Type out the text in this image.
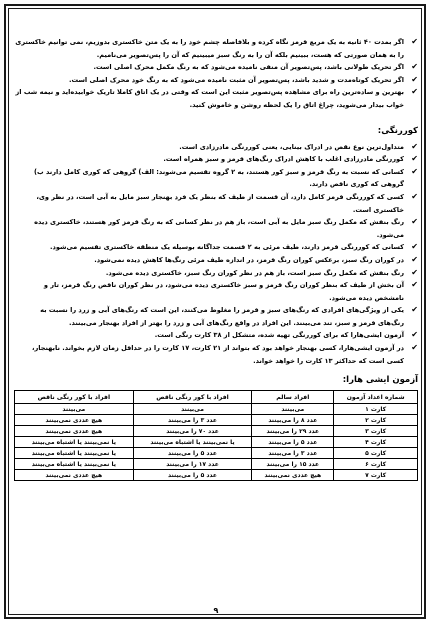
✔
اگر بمدت ۴۰ ثانیه به یک مربع قرمز نگاه کرده و بلافاصله چشم خود را به یک متن خاکستری بدوزیم، نمی توانیم خاکستری را به همان صورتی که هست، ببینیم بلکه آن را به رنگ سبز میبینیم که آن را پس‌تصویر می‌نامیم.

✔
اگر تحریک طولانی باشد، پس‌تصویر آن منفی نامیده می‌شود که به رنگ مکمل محرک اصلی است.

✔
اگر تحریک کوتاه‌مدت و شدید باشد، پس‌تصویر آن مثبت نامیده می‌شود که به رنگ خود محرک اصلی است.

✔
بهترین و ساده‌ترین راه برای مشاهده پس‌تصویر مثبت این است که وقتی در یک اتاق کاملا تاریک خوابیده‌اید و نیمه شب از خواب بیدار می‌شوید، چراغ اتاق را یک لحظه روشن و خاموش کنید.

کوررنگی:

✔
متداول‌ترین نوع نقص در ادراک بینایی، یعنی کوررنگی مادرزادی است.

✔
کوررنگی مادرزادی اغلب با کاهش ادراک رنگ‌های قرمز و سبز همراه است.

✔
کسانی که نسبت به رنگ قرمز و سبز کور هستند، به ۲ گروه تقسیم می‌شوند: الف) گروهی که کوری کامل دارند ب) گروهی که کوری ناقص دارند.

✔
کسی که کوررنگی قرمز کامل دارد، آن قسمت از طیف که بنظر یک فرد بهنجار سبز مایل به آبی است، در نظر وی، خاکستری است.

✔
رنگ بنفش که مکمل رنگ سبز مایل به آبی است، باز هم در نظر کسانی که به رنگ قرمز کور هستند، خاکستری دیده می‌شود.

✔
کسانی که کوررنگی قرمز دارند، طیف مرئی به ۲ قسمت جداگانه بوسیله یک منطقه خاکستری تقسیم می‌شود.

✔
در کوران رنگ سبز، برعکس کوران رنگ قرمز، در اندازه طیف مرئی رنگ‌ها کاهش دیده نمی‌شود.

✔
رنگ بنفش که مکمل رنگ سبز است، باز هم در نظر کوران رنگ سبز، خاکستری دیده می‌شود.

✔
آن بخش از طیف که بنظر کوران رنگ قرمز و سبز خاکستری دیده می‌شود، در نظر کوران ناقص رنگ قرمز، تار و نامشخص دیده می‌شود.

✔
یکی از ویژگی‌های افرادی که رنگ‌های سبز و قرمز را مغلوط می‌کنند، این است که رنگ‌های آبی و زرد را نسبت به رنگ‌های قرمز و سبز، تند می‌بینند. این افراد در واقع رنگ‌های آبی و زرد را بهتر از افراد بهنجار می‌بینند.

✔
آزمون ایشی‌هارا که برای کوررنگی تهیه شده، متشکل از ۳۸ کارت رنگی است.

✔
در آزمون ایشی‌هارا، کسی بهنجار خواهد بود که بتواند از ۲۱ کارت، ۱۷ کارت را در حداقل زمان لازم بخواند. نابهنجار، کسی است که حداکثر ۱۳ کارت را خواهد خواند.

آزمون ایشی هارا:
شماره اعداد آزمون	افراد سالم	افراد با کور رنگی ناقص	افراد با کور رنگی ناقص
کارت ۱	می‌بینند	می‌بینند	می‌بینند
کارت ۲	عدد ۸ را می‌بینند	عدد ۳ را می‌بینند	هیچ عددی نمی‌بینند
کارت ۳	عدد ۲۹ را می‌بینند	عدد ۷۰ را می‌بینند	هیچ عددی نمی‌بینند
کارت ۴	عدد ۵ را می‌بینند	یا نمی‌بینند یا اشتباه می‌بینند	یا نمی‌بینند یا اشتباه می‌بینند
کارت ۵	عدد ۳ را می‌بینند	عدد ۵ را می‌بینند	یا نمی‌بینند یا اشتباه می‌بینند
کارت ۶	عدد ۱۵ را می‌بینند	عدد ۱۷ را می‌بینند	یا نمی‌بینند یا اشتباه می‌بینند
کارت ۷	هیچ عددی نمی‌بینند	عدد ۵ را می‌بینند	هیچ عددی نمی‌بینند
۹
